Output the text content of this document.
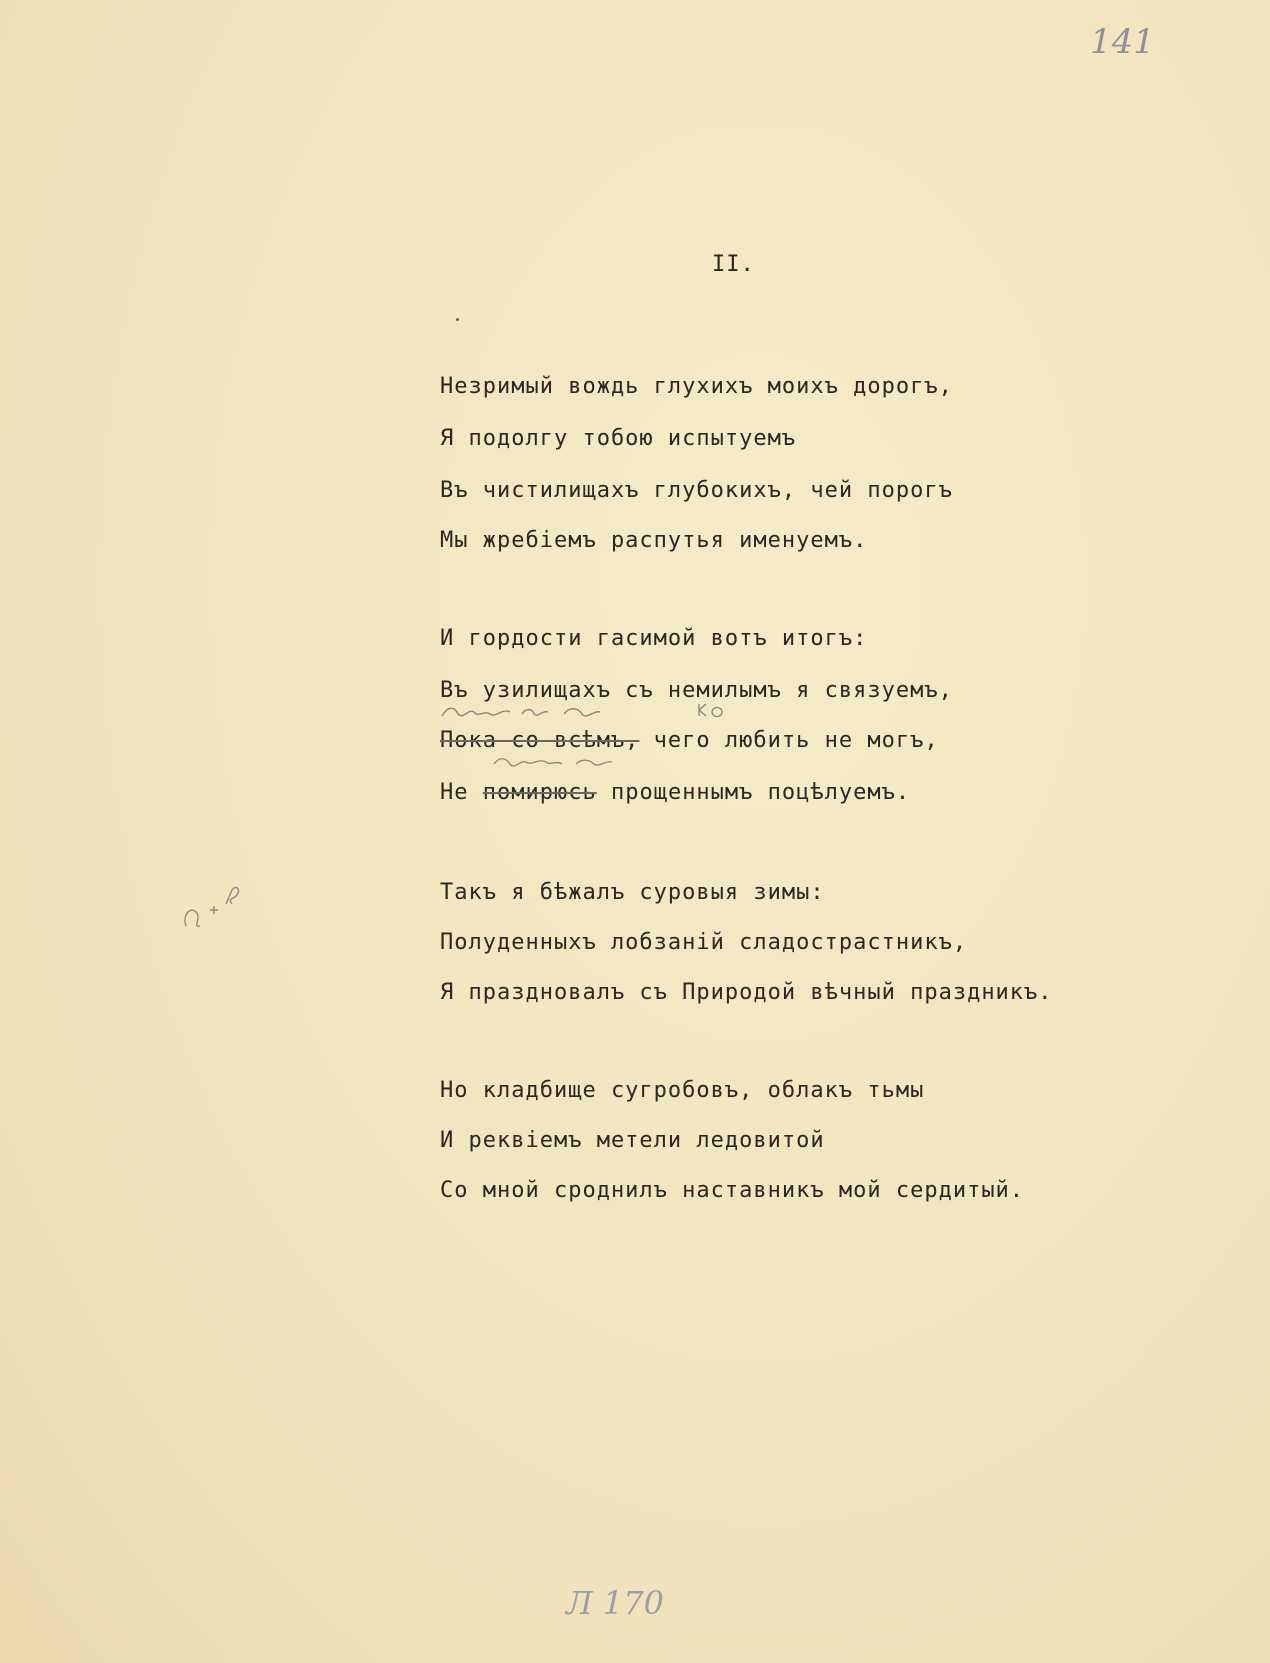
141
II.
Незримый вождь глухихъ моихъ дорогъ,
Я подолгу тобою испытуемъ
Въ чистилищахъ глубокихъ, чей порогъ
Мы жребіемъ распутья именуемъ.
И гордости гасимой вотъ итогъ:
Въ узилищахъ съ немилымъ я связуемъ,
Пока со всѣмъ, чего любить не могъ,
Не помирюсь прощеннымъ поцѣлуемъ.
Такъ я бѣжалъ суровыя зимы:
Полуденныхъ лобзаній сладострастникъ,
Я праздновалъ съ Природой вѣчный праздникъ.
Но кладбище сугробовъ, облакъ тьмы
И реквіемъ метели ледовитой
Со мной сроднилъ наставникъ мой сердитый.
Л 170
